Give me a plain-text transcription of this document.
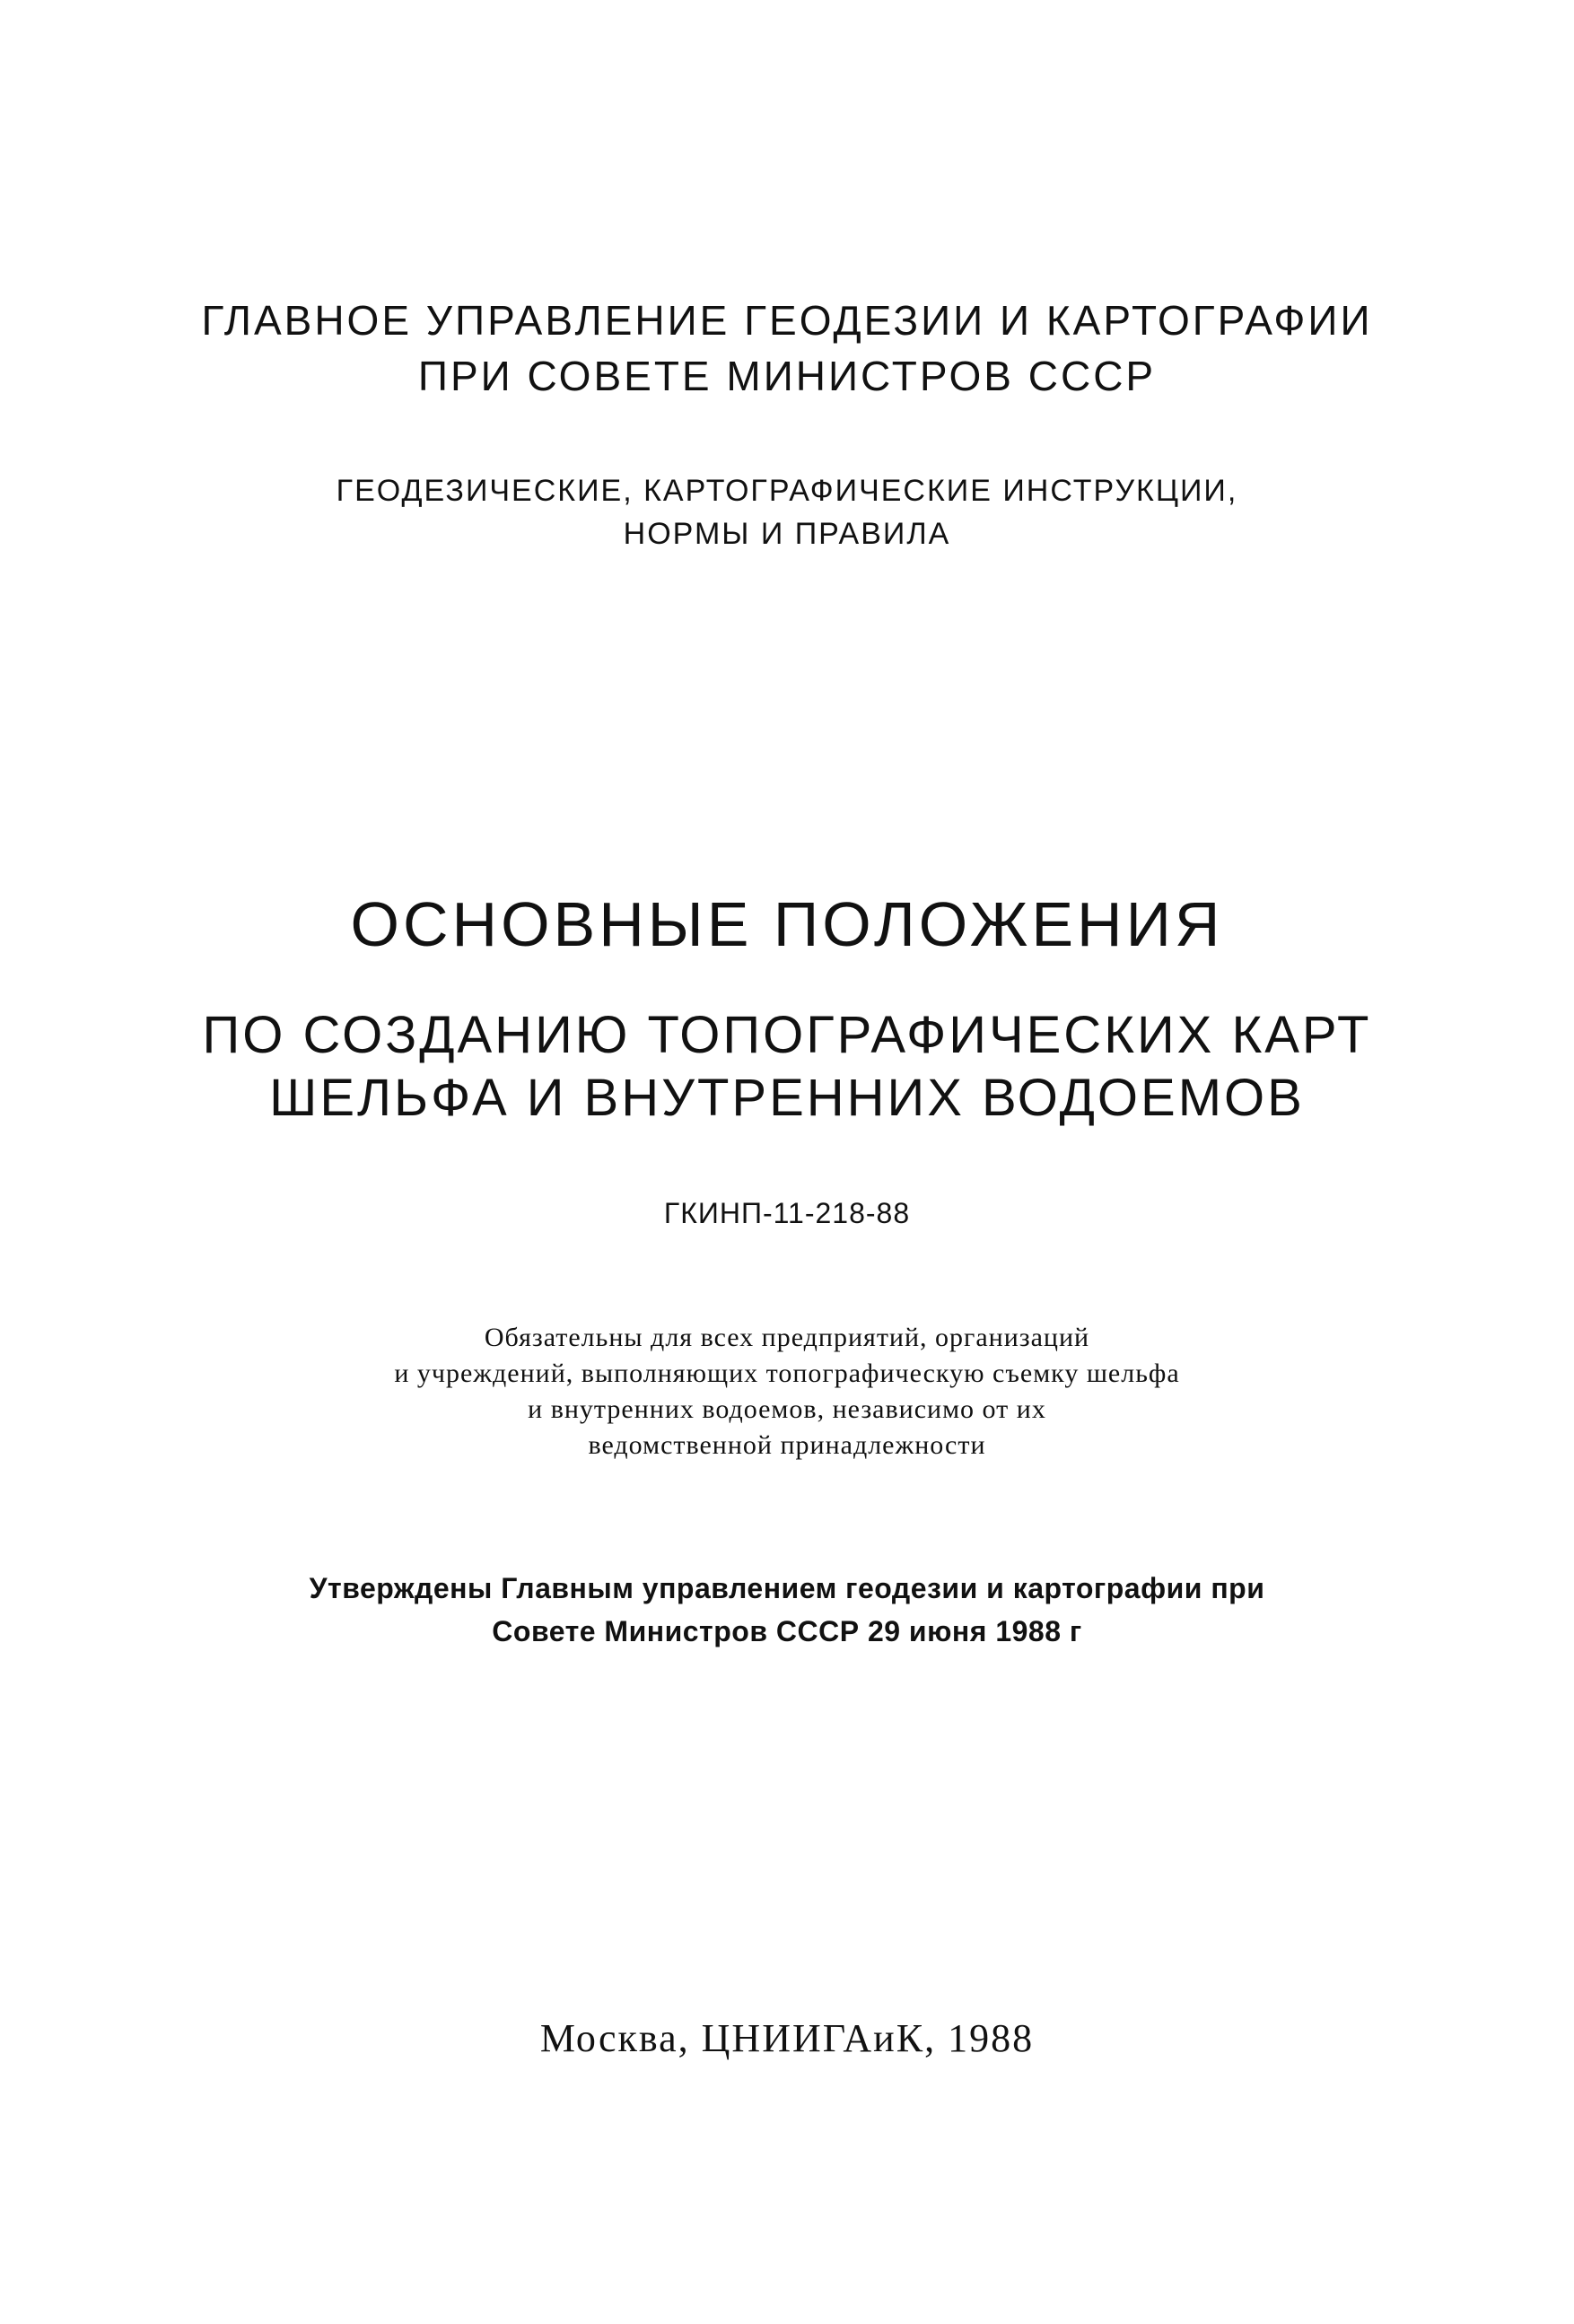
ГЛАВНОЕ УПРАВЛЕНИЕ ГЕОДЕЗИИ И КАРТОГРАФИИ

ПРИ СОВЕТЕ МИНИСТРОВ СССР

ГЕОДЕЗИЧЕСКИЕ, КАРТОГРАФИЧЕСКИЕ ИНСТРУКЦИИ,

НОРМЫ И ПРАВИЛА

ОСНОВНЫЕ ПОЛОЖЕНИЯ

ПО СОЗДАНИЮ ТОПОГРАФИЧЕСКИХ КАРТ

ШЕЛЬФА И ВНУТРЕННИХ ВОДОЕМОВ

ГКИНП-11-218-88

Обязательны для всех предприятий, организаций

и учреждений, выполняющих топографическую съемку шельфа

и внутренних водоемов, независимо от их

ведомственной принадлежности

Утверждены Главным управлением геодезии и картографии при

Совете Министров СССР 29 июня 1988 г

Москва, ЦНИИГАиК, 1988
